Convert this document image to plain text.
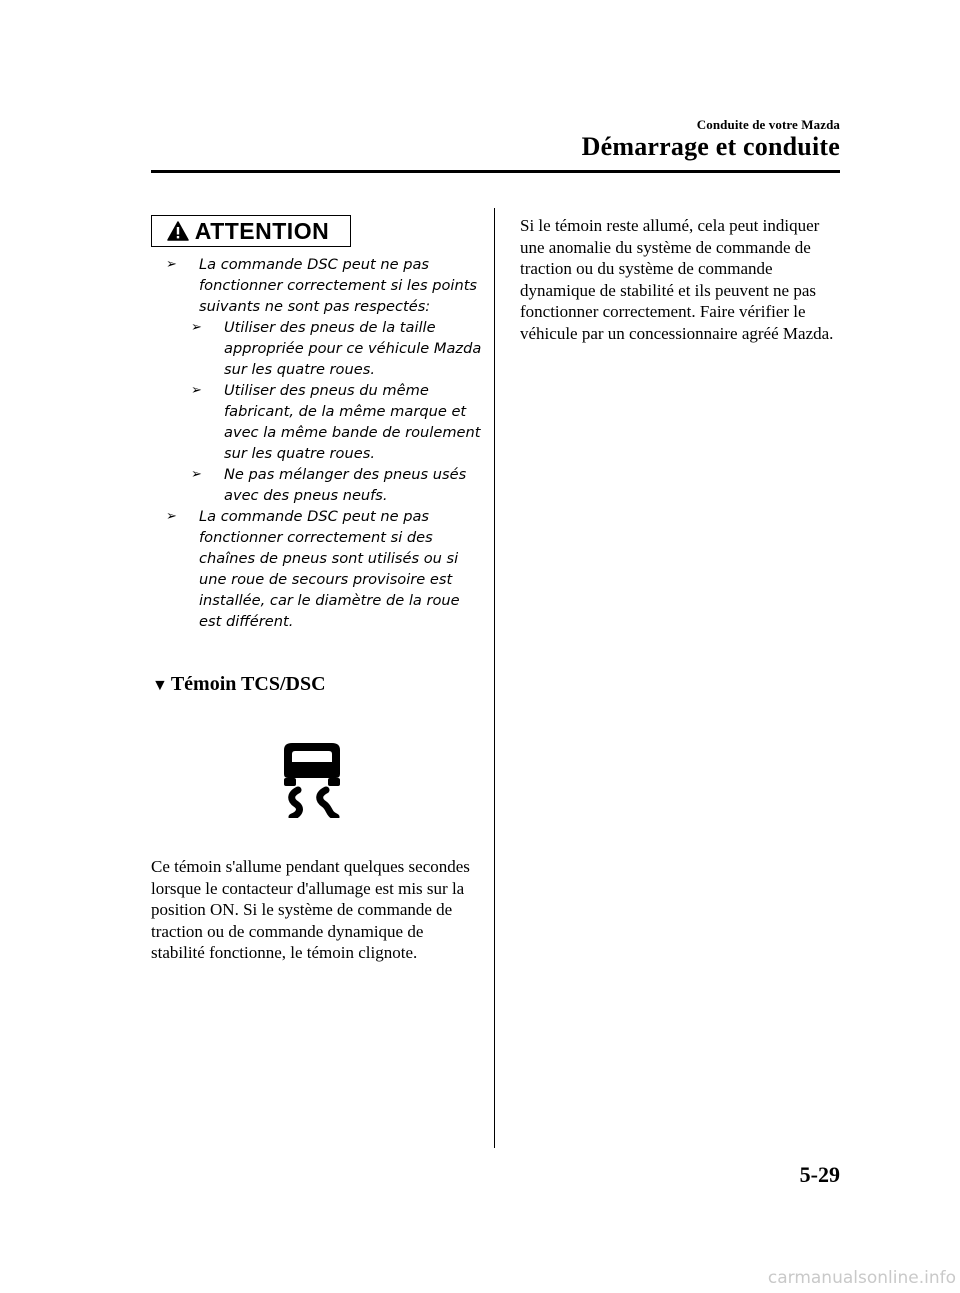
Conduite de votre Mazda
Démarrage et conduite
ATTENTION

➢ La commande DSC peut ne pas fonctionner correctement si les points suivants ne sont pas respectés:

➢ Utiliser des pneus de la taille appropriée pour ce véhicule Mazda sur les quatre roues.

➢ Utiliser des pneus du même fabricant, de la même marque et avec la même bande de roulement sur les quatre roues.

➢ Ne pas mélanger des pneus usés avec des pneus neufs.

➢ La commande DSC peut ne pas fonctionner correctement si des chaînes de pneus sont utilisés ou si une roue de secours provisoire est installée, car le diamètre de la roue est différent.

▼ Témoin TCS/DSC
Ce témoin s'allume pendant quelques secondes lorsque le contacteur d'allumage est mis sur la position ON. Si le système de commande de traction ou de commande dynamique de stabilité fonctionne, le témoin clignote.
Si le témoin reste allumé, cela peut indiquer une anomalie du système de commande de traction ou du système de commande dynamique de stabilité et ils peuvent ne pas fonctionner correctement. Faire vérifier le véhicule par un concessionnaire agréé Mazda.
5-29
carmanualsonline.info
